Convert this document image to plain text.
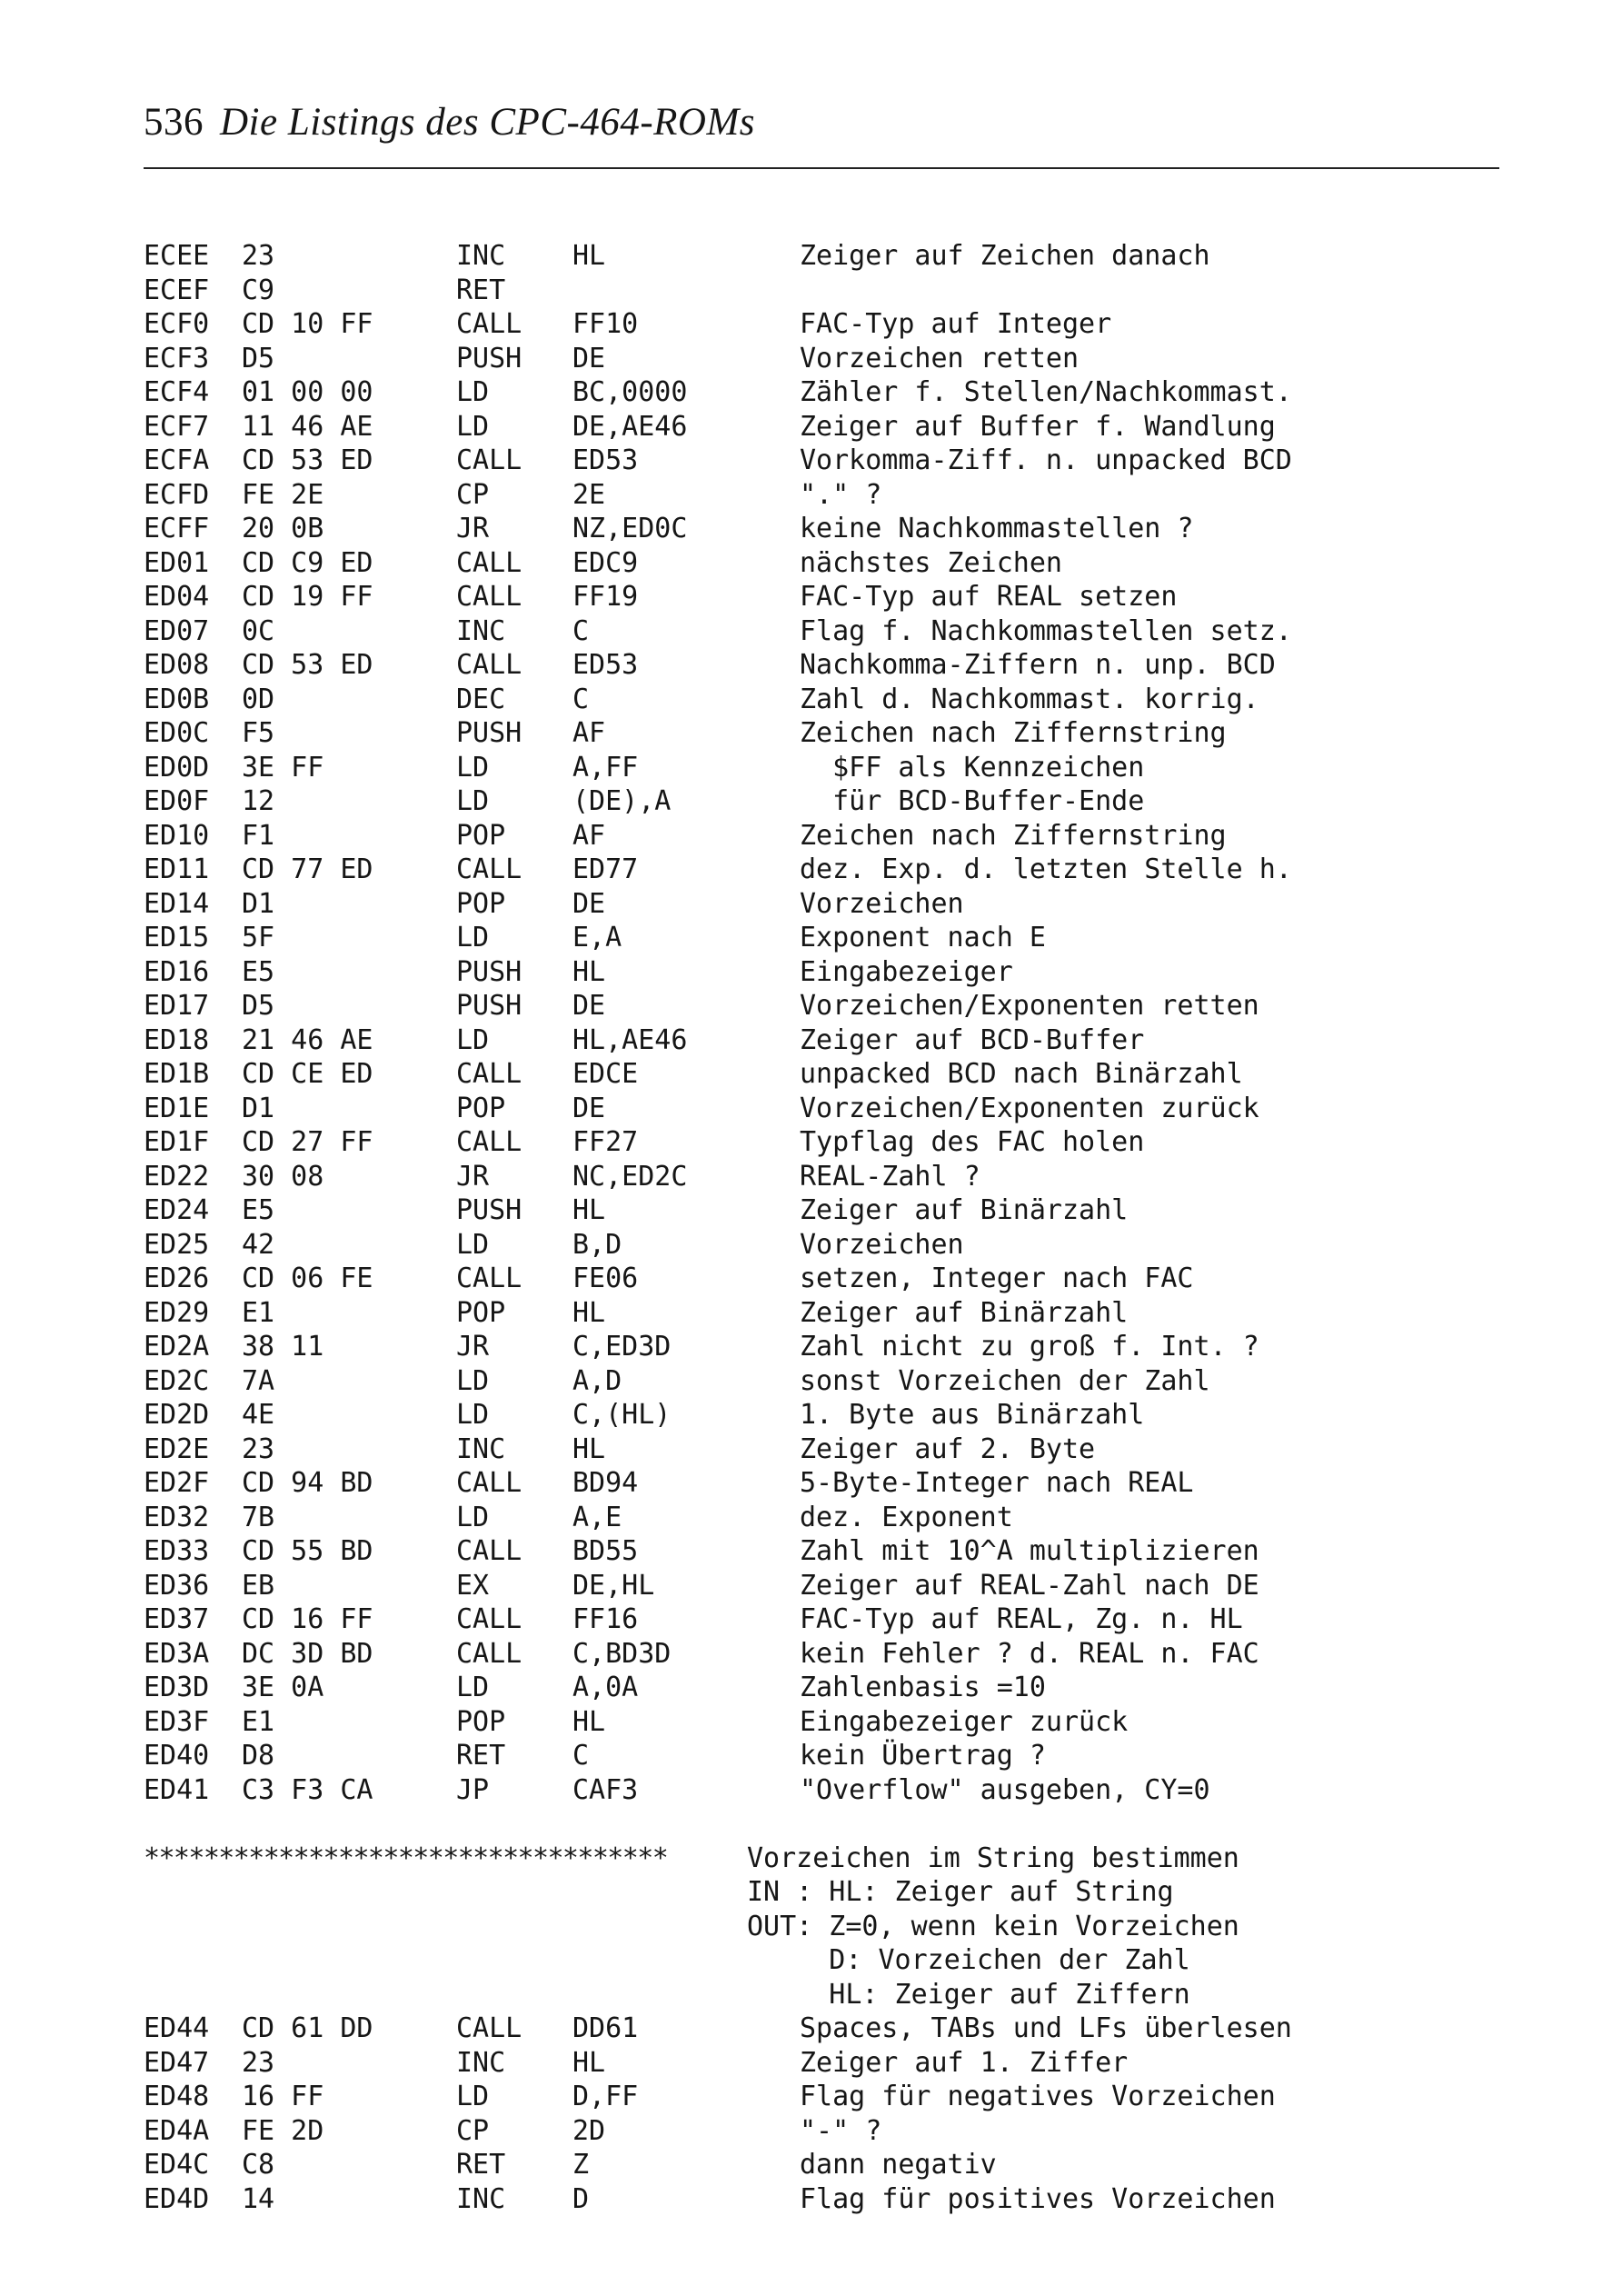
536 Die Listings des CPC-464-ROMs
ECEE 23	INC HL	Zeiger auf Zeichen danach
ECEF C9	RET
ECF0 CD 10 FF	CALL FF10	FAC-Typ auf Integer
ECF3 D5	PUSH DE	Vorzeichen retten
ECF4 01 00 00	LD	BC,0000	Zähler f. Stellen/Nachkommast.
ECF7 11 46 AE	LD	DE,AE46	Zeiger auf Buffer f. Wandlung
ECFA CD 53 ED	CALL ED53	Vorkomma-Ziff. n. unpacked BCD
ECFD FE 2E	CP	2E	"." ?
ECFF 20 0B	JR	NZ,ED0C	keine Nachkommastellen ?
ED01 CD C9 ED	CALL EDC9	nächstes Zeichen
ED04 CD 19 FF	CALL FF19	FAC-Typ auf REAL setzen
ED07 0C	INC C	Flag f. Nachkommastellen setz.
ED08 CD 53 ED	CALL ED53	Nachkomma-Ziffern n. unp. BCD
ED0B 0D	DEC C	Zahl d. Nachkommast. korrig.
ED0C F5	PUSH AF	Zeichen nach Ziffernstring
ED0D 3E FF	LD	A,FF	$FF als Kennzeichen
ED0F 12	LD	(DE),A	für BCD-Buffer-Ende
ED10 F1	POP AF	Zeichen nach Ziffernstring
ED11 CD 77 ED	CALL ED77	dez. Exp. d. letzten Stelle h.
ED14 D1	POP DE	Vorzeichen
ED15 5F	LD	E,A	Exponent nach E
ED16 E5	PUSH HL	Eingabezeiger
ED17 D5	PUSH DE	Vorzeichen/Exponenten retten
ED18 21 46 AE	LD	HL,AE46	Zeiger auf BCD-Buffer
ED1B CD CE ED	CALL EDCE	unpacked BCD nach Binärzahl
ED1E D1	POP DE	Vorzeichen/Exponenten zurück
ED1F CD 27 FF	CALL FF27	Typflag des FAC holen
ED22 30 08	JR	NC,ED2C	REAL-Zahl ?
ED24 E5	PUSH HL	Zeiger auf Binärzahl
ED25 42	LD	B,D	Vorzeichen
ED26 CD 06 FE	CALL FE06	setzen, Integer nach FAC
ED29 E1	POP HL	Zeiger auf Binärzahl
ED2A 38 11	JR	C,ED3D	Zahl nicht zu groß f. Int. ?
ED2C 7A	LD	A,D	sonst Vorzeichen der Zahl
ED2D 4E	LD	C,(HL)	1. Byte aus Binärzahl
ED2E 23	INC HL	Zeiger auf 2. Byte
ED2F CD 94 BD	CALL BD94	5-Byte-Integer nach REAL
ED32 7B	LD	A,E	dez. Exponent
ED33 CD 55 BD	CALL BD55	Zahl mit 10^A multiplizieren
ED36 EB	EX	DE,HL	Zeiger auf REAL-Zahl nach DE
ED37 CD 16 FF	CALL FF16	FAC-Typ auf REAL, Zg. n. HL
ED3A DC 3D BD	CALL C,BD3D	kein Fehler ? d. REAL n. FAC
ED3D 3E 0A	LD	A,0A	Zahlenbasis =10
ED3F E1	POP HL	Eingabezeiger zurück
ED40 D8	RET C	kein Übertrag ?
ED41 C3 F3 CA	JP	CAF3	"Overflow" ausgeben, CY=0

***********************************

	Vorzeichen im String bestimmen

IN : HL: Zeiger auf String

OUT: Z=0, wenn kein Vorzeichen

D: Vorzeichen der Zahl

HL: Zeiger auf Ziffern

ED44 CD 61 DD	CALL DD61	Spaces, TABs und LFs überlesen
ED47 23	INC HL	Zeiger auf 1. Ziffer
ED48 16 FF	LD	D,FF	Flag für negatives Vorzeichen
ED4A FE 2D	CP	2D	"-" ?
ED4C C8	RET Z	dann negativ
ED4D 14	INC D	Flag für positives Vorzeichen
